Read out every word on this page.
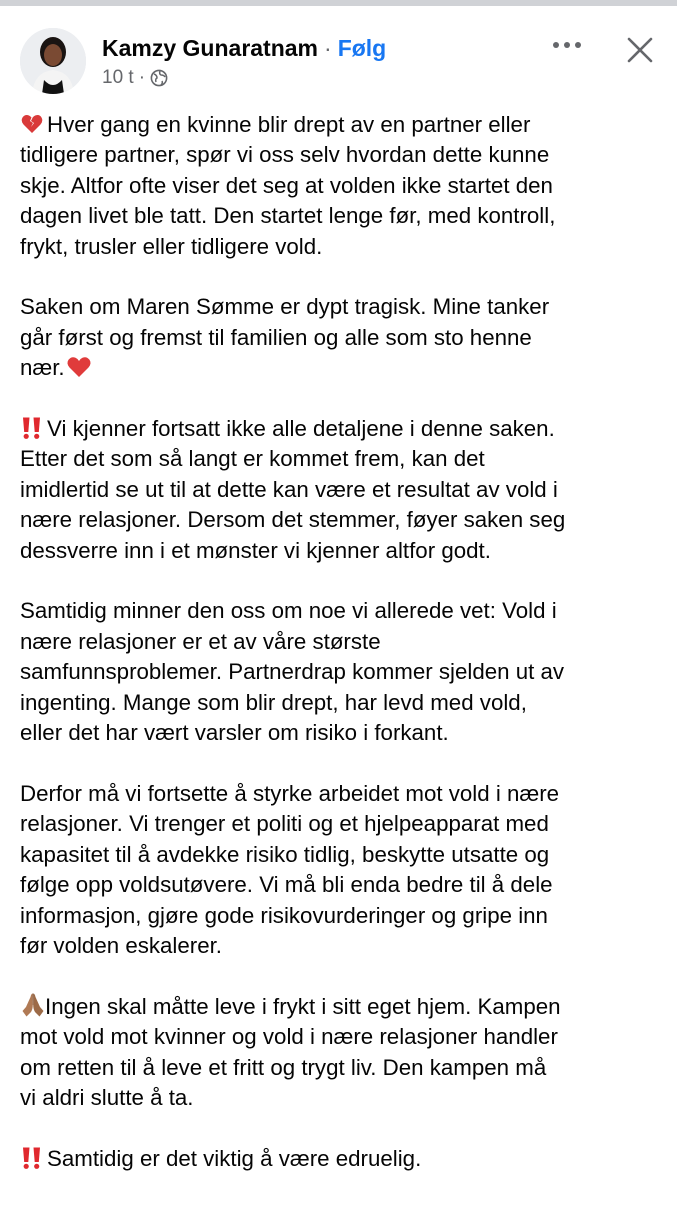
Kamzy Gunaratnam · Følg
10 t ·

Hver gang en kvinne blir drept av en partner eller
tidligere partner, spør vi oss selv hvordan dette kunne
skje. Altfor ofte viser det seg at volden ikke startet den
dagen livet ble tatt. Den startet lenge før, med kontroll,
frykt, trusler eller tidligere vold.

Saken om Maren Sømme er dypt tragisk. Mine tanker
går først og fremst til familien og alle som sto henne
nær.

Vi kjenner fortsatt ikke alle detaljene i denne saken.
Etter det som så langt er kommet frem, kan det
imidlertid se ut til at dette kan være et resultat av vold i
nære relasjoner. Dersom det stemmer, føyer saken seg
dessverre inn i et mønster vi kjenner altfor godt.

Samtidig minner den oss om noe vi allerede vet: Vold i
nære relasjoner er et av våre største
samfunnsproblemer. Partnerdrap kommer sjelden ut av
ingenting. Mange som blir drept, har levd med vold,
eller det har vært varsler om risiko i forkant.

Derfor må vi fortsette å styrke arbeidet mot vold i nære
relasjoner. Vi trenger et politi og et hjelpeapparat med
kapasitet til å avdekke risiko tidlig, beskytte utsatte og
følge opp voldsutøvere. Vi må bli enda bedre til å dele
informasjon, gjøre gode risikovurderinger og gripe inn
før volden eskalerer.

Ingen skal måtte leve i frykt i sitt eget hjem. Kampen
mot vold mot kvinner og vold i nære relasjoner handler
om retten til å leve et fritt og trygt liv. Den kampen må
vi aldri slutte å ta.

Samtidig er det viktig å være edruelig.
